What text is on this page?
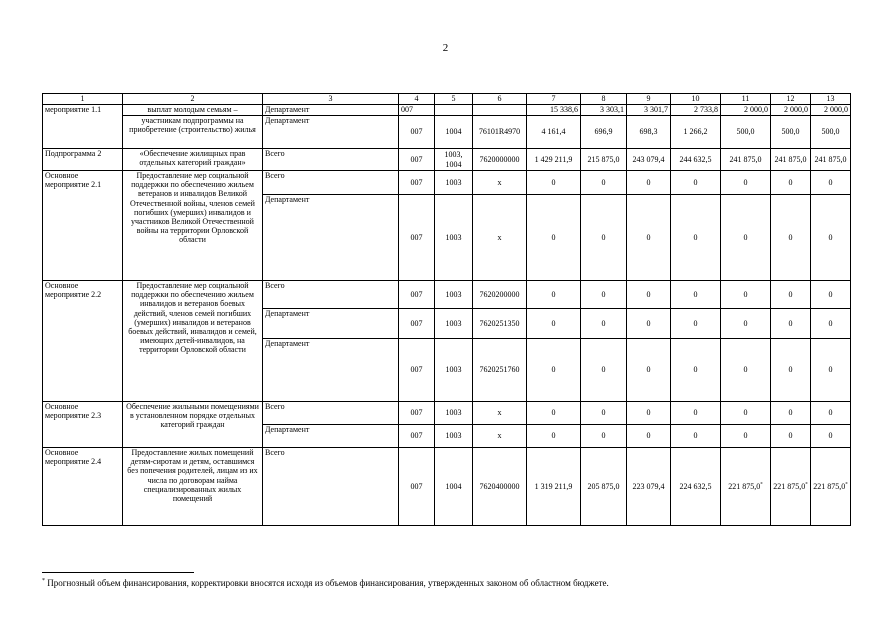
2
1	2	3	4	5	6	7	8	9	10	11	12	13
мероприятие 1.1	выплат молодым семьям –	Департамент	007			15 338,6	3 303,1	3 301,7	2 733,8	2 000,0	2 000,0	2 000,0
	участникам подпрограммы на приобретение (строительство) жилья	Департамент	007	1004	76101R4970	4 161,4	696,9	698,3	1 266,2	500,0	500,0	500,0
Подпрограмма 2	«Обеспечение жилищных прав отдельных категорий граждан»	Всего	007	1003, 1004	7620000000	1 429 211,9	215 875,0	243 079,4	244 632,5	241 875,0	241 875,0	241 875,0
Основное мероприятие 2.1	Предоставление мер социальной поддержки по обеспечению жильем ветеранов и инвалидов Великой Отечественной войны, членов семей погибших (умерших) инвалидов и участников Великой Отечественной войны на территории Орловской области	Всего	007	1003	х	0	0	0	0	0	0	0
		Департамент	007	1003	х	0	0	0	0	0	0	0
Основное мероприятие 2.2	Предоставление мер социальной поддержки по обеспечению жильем инвалидов и ветеранов боевых действий, членов семей погибших (умерших) инвалидов и ветеранов боевых действий, инвалидов и семей, имеющих детей-инвалидов, на территории Орловской области	Всего	007	1003	7620200000	0	0	0	0	0	0	0
		Департамент	007	1003	7620251350	0	0	0	0	0	0	0
		Департамент	007	1003	7620251760	0	0	0	0	0	0	0
Основное мероприятие 2.3	Обеспечение жильными помещениями в установленном порядке отдельных категорий граждан	Всего	007	1003	х	0	0	0	0	0	0	0
		Департамент	007	1003	х	0	0	0	0	0	0	0
Основное мероприятие 2.4	Предоставление жилых помещений детям-сиротам и детям, оставшимся без попечения родителей, лицам из их числа по договорам найма специализированных жилых помещений	Всего	007	1004	7620400000	1 319 211,9	205 875,0	223 079,4	224 632,5	221 875,0*	221 875,0*	221 875,0*
* Прогнозный объем финансирования, корректировки вносятся исходя из объемов финансирования, утвержденных законом об областном бюджете.
